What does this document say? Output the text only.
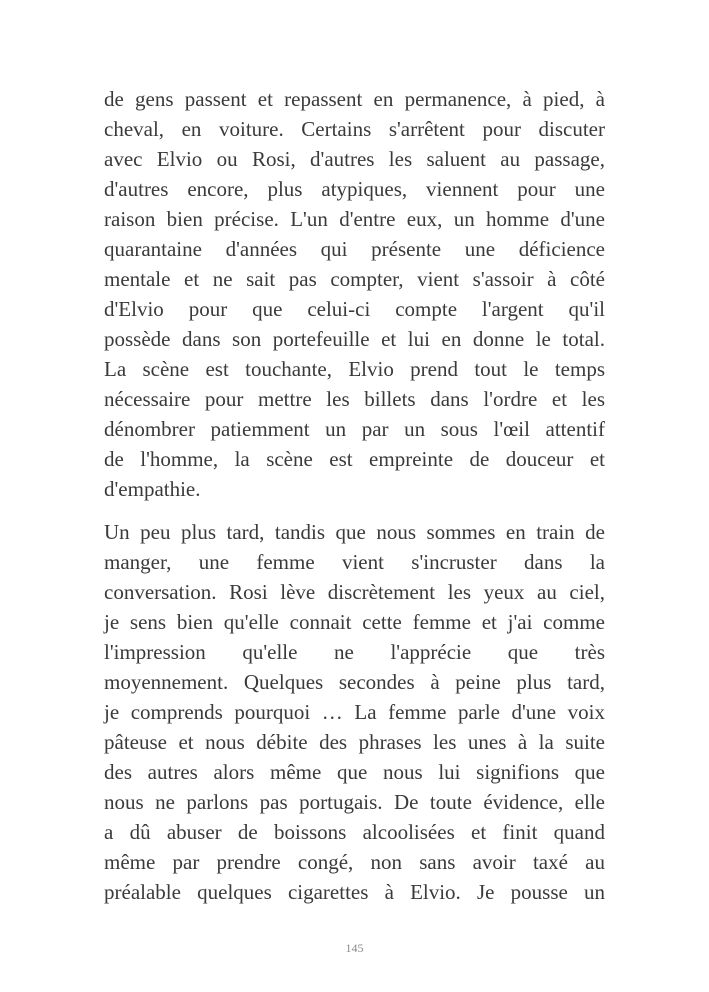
de gens passent et repassent en permanence, à pied, à
cheval, en voiture. Certains s'arrêtent pour discuter
avec Elvio ou Rosi, d'autres les saluent au passage,
d'autres encore, plus atypiques, viennent pour une
raison bien précise. L'un d'entre eux, un homme d'une
quarantaine d'années qui présente une déficience
mentale et ne sait pas compter, vient s'assoir à côté
d'Elvio pour que celui-ci compte l'argent qu'il
possède dans son portefeuille et lui en donne le total.
La scène est touchante, Elvio prend tout le temps
nécessaire pour mettre les billets dans l'ordre et les
dénombrer patiemment un par un sous l'œil attentif
de l'homme, la scène est empreinte de douceur et
d'empathie.
Un peu plus tard, tandis que nous sommes en train de
manger, une femme vient s'incruster dans la
conversation. Rosi lève discrètement les yeux au ciel,
je sens bien qu'elle connait cette femme et j'ai comme
l'impression qu'elle ne l'apprécie que très
moyennement. Quelques secondes à peine plus tard,
je comprends pourquoi … La femme parle d'une voix
pâteuse et nous débite des phrases les unes à la suite
des autres alors même que nous lui signifions que
nous ne parlons pas portugais. De toute évidence, elle
a dû abuser de boissons alcoolisées et finit quand
même par prendre congé, non sans avoir taxé au
préalable quelques cigarettes à Elvio. Je pousse un
145
